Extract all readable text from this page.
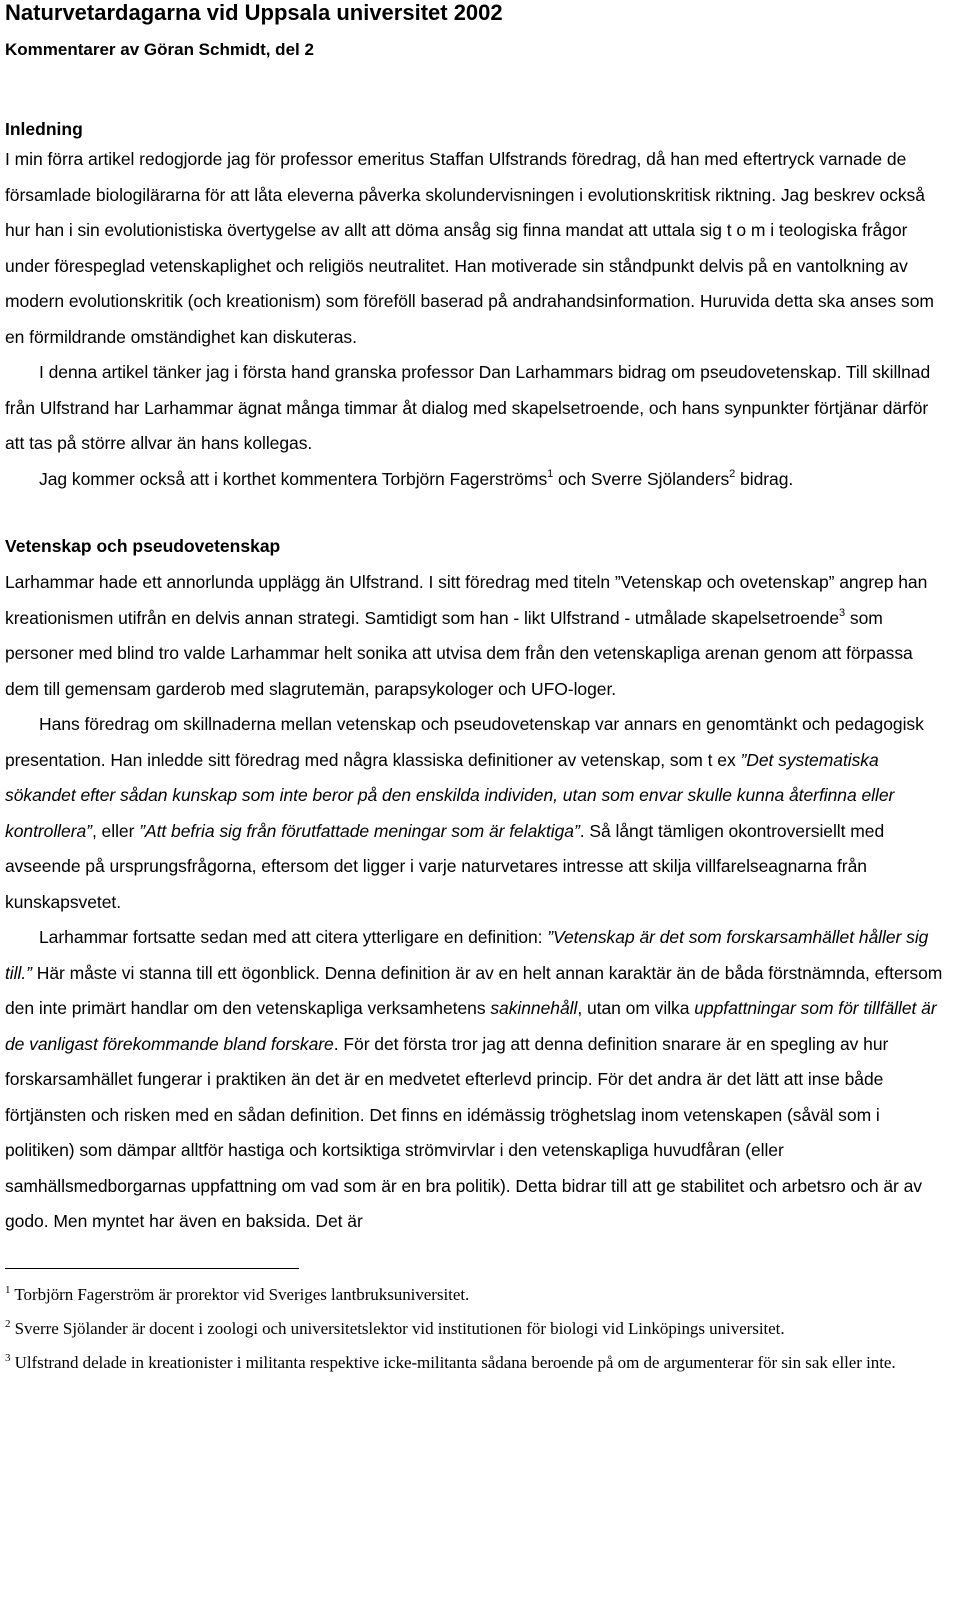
Naturvetardagarna vid Uppsala universitet 2002
Kommentarer av Göran Schmidt, del 2
Inledning

I min förra artikel redogjorde jag för professor emeritus Staffan Ulfstrands föredrag, då han med eftertryck varnade de församlade biologilärarna för att låta eleverna påverka skolundervisningen i evolutionskritisk riktning. Jag beskrev också hur han i sin evolutionistiska övertygelse av allt att döma ansåg sig finna mandat att uttala sig t o m i teologiska frågor under förespeglad vetenskaplighet och religiös neutralitet. Han motiverade sin ståndpunkt delvis på en vantolkning av modern evolutionskritik (och kreationism) som föreföll baserad på andrahandsinformation. Huruvida detta ska anses som en förmildrande omständighet kan diskuteras.

I denna artikel tänker jag i första hand granska professor Dan Larhammars bidrag om pseudovetenskap. Till skillnad från Ulfstrand har Larhammar ägnat många timmar åt dialog med skapelsetroende, och hans synpunkter förtjänar därför att tas på större allvar än hans kollegas.

Jag kommer också att i korthet kommentera Torbjörn Fagerströms$^1$ och Sverre Sjölanders$^2$ bidrag.

Vetenskap och pseudovetenskap

Larhammar hade ett annorlunda upplägg än Ulfstrand. I sitt föredrag med titeln ”Vetenskap och ovetenskap” angrep han kreationismen utifrån en delvis annan strategi. Samtidigt som han - likt Ulfstrand - utmålade skapelsetroende$^3$ som personer med blind tro valde Larhammar helt sonika att utvisa dem från den vetenskapliga arenan genom att förpassa dem till gemensam garderob med slagrutemän, parapsykologer och UFO-loger.

Hans föredrag om skillnaderna mellan vetenskap och pseudovetenskap var annars en genomtänkt och pedagogisk presentation. Han inledde sitt föredrag med några klassiska definitioner av vetenskap, som t ex ”Det systematiska sökandet efter sådan kunskap som inte beror på den enskilda individen, utan som envar skulle kunna återfinna eller kontrollera”, eller ”Att befria sig från förutfattade meningar som är felaktiga”. Så långt tämligen okontroversiellt med avseende på ursprungsfrågorna, eftersom det ligger i varje naturvetares intresse att skilja villfarelseagnarna från kunskapsvetet.

Larhammar fortsatte sedan med att citera ytterligare en definition: ”Vetenskap är det som forskarsamhället håller sig till.” Här måste vi stanna till ett ögonblick. Denna definition är av en helt annan karaktär än de båda förstnämnda, eftersom den inte primärt handlar om den vetenskapliga verksamhetens sakinnehåll, utan om vilka uppfattningar som för tillfället är de vanligast förekommande bland forskare. För det första tror jag att denna definition snarare är en spegling av hur forskarsamhället fungerar i praktiken än det är en medvetet efterlevd princip. För det andra är det lätt att inse både förtjänsten och risken med en sådan definition. Det finns en idémässig tröghetslag inom vetenskapen (såväl som i politiken) som dämpar alltför hastiga och kortsiktiga strömvirvlar i den vetenskapliga huvudfåran (eller samhällsmedborgarnas uppfattning om vad som är en bra politik). Detta bidrar till att ge stabilitet och arbetsro och är av godo. Men myntet har även en baksida. Det är

$^1$ Torbjörn Fagerström är prorektor vid Sveriges lantbruksuniversitet.

$^2$ Sverre Sjölander är docent i zoologi och universitetslektor vid institutionen för biologi vid Linköpings universitet.

$^3$ Ulfstrand delade in kreationister i militanta respektive icke-militanta sådana beroende på om de argumenterar för sin sak eller inte.
